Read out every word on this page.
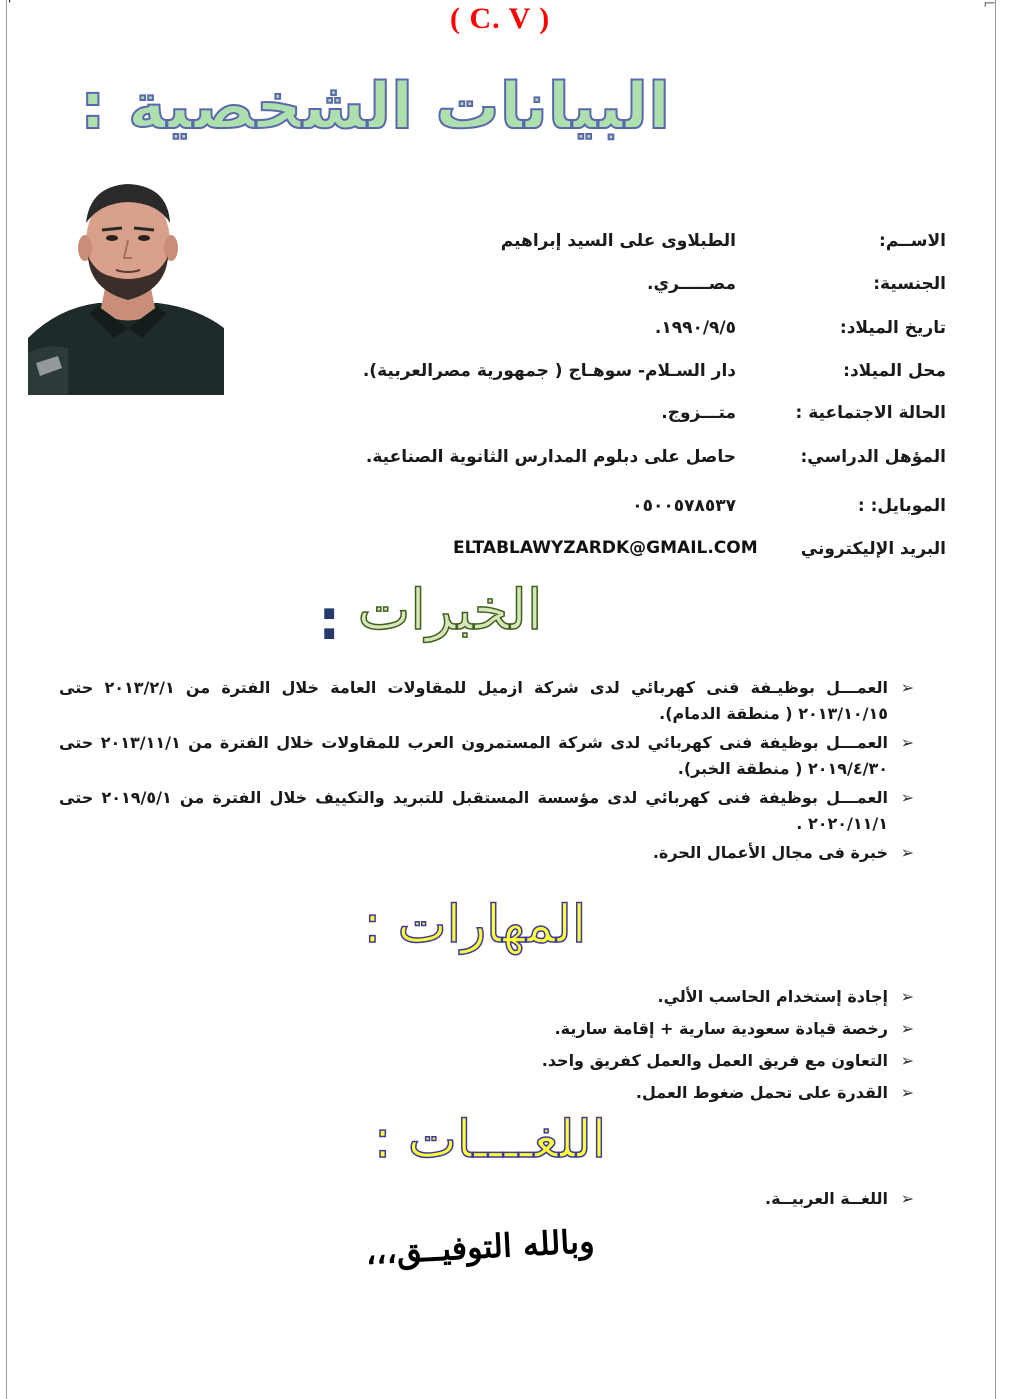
'	⌐
( C. V )
البيانات الشخصية :
الاســم:
الطبلاوى على السيد إبراهيم
الجنسية:
مصـــــري.
تاريخ الميلاد:
١٩٩٠/٩/٥.
محل الميلاد:
دار السـلام- سوهـاج ( جمهورية مصرالعربية).
الحالة الاجتماعية :
متـــزوج.
المؤهل الدراسي:
حاصل على دبلوم المدارس الثانوية الصناعية.
الموبايل: :
٠٥٠٠٥٧٨٥٣٧
البريد الإليكتروني
ELTABLAWYZARDK@GMAIL.COM
الخبرات
:
➢
العمـــل بوظيـفة فنى كهربائي لدى شركة ازميل للمقاولات العامة خلال الفترة من ٢٠١٣/٢/١ حتى ٢٠١٣/١٠/١٥ ( منطقة الدمام).
➢
العمـــل بوظيفة فنى كهربائي لدى شركة المستمرون العرب للمقاولات خلال الفترة من ٢٠١٣/١١/١ حتى ٢٠١٩/٤/٣٠ ( منطقة الخبر).
➢
العمـــل بوظيفة فنى كهربائي لدى مؤسسة المستقبل للتبريد والتكييف خلال الفترة من ٢٠١٩/٥/١ حتى ٢٠٢٠/١١/١ .
➢
خبرة فى مجال الأعمال الحرة.
المهارات :
➢
إجادة إستخدام الحاسب الألي.
➢
رخصة قيادة سعودية سارية + إقامة سارية.
➢
التعاون مع فريق العمل والعمل كفريق واحد.
➢
القدرة على تحمل ضغوط العمل.
اللغــــات :
➢
اللغــة العربيــة.
وبالله التوفيــق،،،
